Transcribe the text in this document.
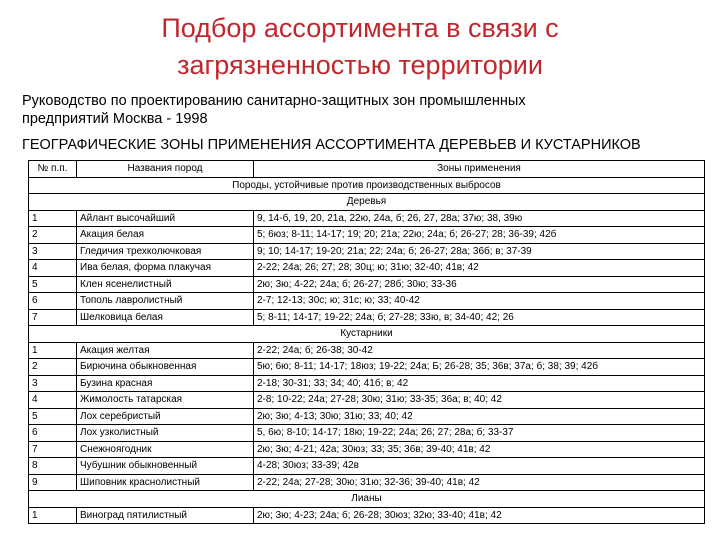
Подбор ассортимента в связи с
загрязненностью территории
Руководство по проектированию санитарно-защитных зон промышленных
предприятий Москва - 1998
ГЕОГРАФИЧЕСКИЕ ЗОНЫ ПРИМЕНЕНИЯ АССОРТИМЕНТА ДЕРЕВЬЕВ И КУСТАРНИКОВ
№ п.п.	Названия пород	Зоны применения
Породы, устойчивые против производственных выбросов		
Деревья		
1	Айлант высочайший	9, 14-б, 19, 20, 21а, 22ю, 24а, б; 26, 27, 28а; 37ю; 38, 39ю
2	Акация белая	5; 6юз; 8-11; 14-17; 19; 20; 21а; 22ю; 24а; б; 26-27; 28; 36-39; 42б
3	Гледичия трехколючковая	9; 10; 14-17; 19-20; 21а; 22; 24а; б; 26-27; 28а; 36б; в; 37-39
4	Ива белая, форма плакучая	2-22; 24а; 26; 27; 28; 30ц; ю; 31ю; 32-40; 41в; 42
5	Клен ясенелистный	2ю; 3ю; 4-22; 24а; б; 26-27; 28б; 30ю; 33-36
6	Тополь лавролистный	2-7; 12-13; 30с; ю; 31с; ю; 33; 40-42
7	Шелковица белая	5; 8-11; 14-17; 19-22; 24а; б; 27-28; 33ю, в; 34-40; 42; 26
Кустарники		
1	Акация желтая	2-22; 24а; б; 26-38; 30-42
2	Бирючина обыкновенная	5ю; 6ю; 8-11; 14-17; 18юз; 19-22; 24а; Б; 26-28; 35; 36в; 37а; б; 38; 39; 42б
3	Бузина красная	2-18; 30-31; 33; 34; 40; 41б; в; 42
4	Жимолость татарская	2-8; 10-22; 24а; 27-28; 30ю; 31ю; 33-35; 36а; в; 40; 42
5	Лох серебристый	2ю; 3ю; 4-13; 30ю; 31ю; 33; 40; 42
6	Лох узколистный	5, 6ю; 8-10; 14-17; 18ю; 19-22; 24а; 26; 27; 28а; б; 33-37
7	Снежноягодник	2ю; 3ю; 4-21; 42а; 30юз; 33; 35; 36в; 39-40; 41в; 42
8	Чубушник обыкновенный	4-28; 30юз; 33-39; 42в
9	Шиповник краснолистный	2-22; 24а; 27-28; 30ю; 31ю; 32-36; 39-40; 41в; 42
Лианы		
1	Виноград пятилистный	2ю; 3ю; 4-23; 24а; б; 26-28; 30юз; 32ю; 33-40; 41в; 42
